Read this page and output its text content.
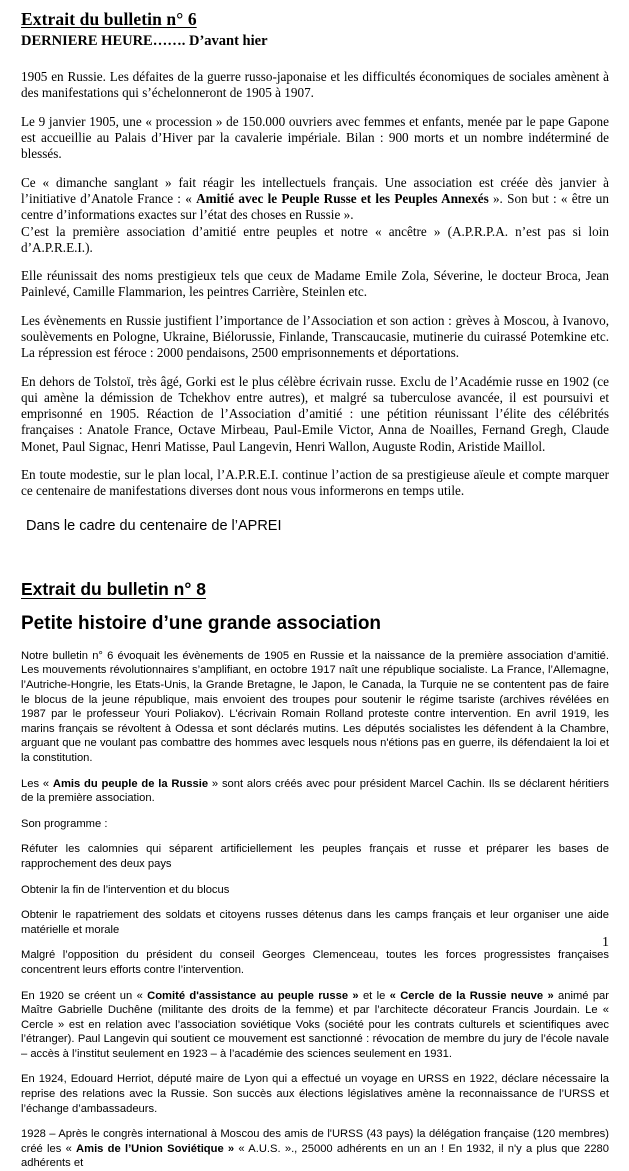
Extrait du bulletin n° 6
DERNIERE HEURE……. D’avant hier

1905 en Russie. Les défaites de la guerre russo-japonaise et les difficultés économiques de sociales amènent à des manifestations qui s’échelonneront de 1905 à 1907.

Le 9 janvier 1905, une « procession » de 150.000 ouvriers avec femmes et enfants, menée par le pape Gapone est accueillie au Palais d’Hiver par la cavalerie impériale. Bilan : 900 morts et un nombre indéterminé de blessés.

Ce « dimanche sanglant » fait réagir les intellectuels français. Une association est créée dès janvier à l’initiative d’Anatole France : « Amitié avec le Peuple Russe et les Peuples Annexés ». Son but : « être un centre d’informations exactes sur l’état des choses en Russie ».

C’est la première association d’amitié entre peuples et notre « ancêtre » (A.P.R.P.A. n’est pas si loin d’A.P.R.E.I.).

Elle réunissait des noms prestigieux tels que ceux de Madame Emile Zola, Séverine, le docteur Broca, Jean Painlevé, Camille Flammarion, les peintres Carrière, Steinlen etc.

Les évènements en Russie justifient l’importance de l’Association et son action : grèves à Moscou, à Ivanovo, soulèvements en Pologne, Ukraine, Biélorussie, Finlande, Transcaucasie, mutinerie du cuirassé Potemkine etc. La répression est féroce : 2000 pendaisons, 2500 emprisonnements et déportations.

En dehors de Tolstoï, très âgé, Gorki est le plus célèbre écrivain russe. Exclu de l’Académie russe en 1902 (ce qui amène la démission de Tchekhov entre autres), et malgré sa tuberculose avancée, il est poursuivi et emprisonné en 1905. Réaction de l’Association d’amitié : une pétition réunissant l’élite des célébrités françaises : Anatole France, Octave Mirbeau, Paul-Emile Victor, Anna de Noailles, Fernand Gregh, Claude Monet, Paul Signac, Henri Matisse, Paul Langevin, Henri Wallon, Auguste Rodin, Aristide Maillol.

En toute modestie, sur le plan local, l’A.P.R.E.I. continue l’action de sa prestigieuse aïeule et compte marquer ce centenaire de manifestations diverses dont nous vous informerons en temps utile.

Dans le cadre du centenaire de l’APREI

Extrait du bulletin n° 8
Petite histoire d’une grande association

Notre bulletin n° 6 évoquait les évènements de 1905 en Russie et la naissance de la première association d’amitié. Les mouvements révolutionnaires s’amplifiant, en octobre 1917 naît une république socialiste. La France, l’Allemagne, l’Autriche-Hongrie, les Etats-Unis, la Grande Bretagne, le Japon, le Canada, la Turquie ne se contentent pas de faire le blocus de la jeune république, mais envoient des troupes pour soutenir le régime tsariste (archives révélées en 1987 par le professeur Youri Poliakov). L'écrivain Romain Rolland proteste contre intervention. En avril 1919, les marins français se révoltent à Odessa et sont déclarés mutins. Les députés socialistes les défendent à la Chambre, arguant que ne voulant pas combattre des hommes avec lesquels nous n'étions pas en guerre, ils défendaient la loi et la constitution.

Les « Amis du peuple de la Russie » sont alors créés avec pour président Marcel Cachin. Ils se déclarent héritiers de la première association.

Son programme :

Réfuter les calomnies qui séparent artificiellement les peuples français et russe et préparer les bases de rapprochement des deux pays

Obtenir la fin de l’intervention et du blocus

Obtenir le rapatriement des soldats et citoyens russes détenus dans les camps français et leur organiser une aide matérielle et morale

Malgré l’opposition du président du conseil Georges Clemenceau, toutes les forces progressistes françaises concentrent leurs efforts contre l’intervention.

En 1920 se créent un « Comité d'assistance au peuple russe » et le « Cercle de la Russie neuve » animé par Maître Gabrielle Duchêne (militante des droits de la femme) et par l’architecte décorateur Francis Jourdain. Le « Cercle » est en relation avec l’association soviétique Voks (société pour les contrats culturels et scientifiques avec l’étranger). Paul Langevin qui soutient ce mouvement est sanctionné : révocation de membre du jury de l’école navale – accès à l’institut seulement en 1923 – à l’académie des sciences seulement en 1931.

En 1924, Edouard Herriot, député maire de Lyon qui a effectué un voyage en URSS en 1922, déclare nécessaire la reprise des relations avec la Russie. Son succès aux élections législatives amène la reconnaissance de l’URSS et l’échange d’ambassadeurs.

1928 – Après le congrès international à Moscou des amis de l'URSS (43 pays) la délégation française (120 membres) créé les « Amis de l’Union Soviétique » « A.U.S. »., 25000 adhérents en un an ! En 1932, il n'y a plus que 2280 adhérents et

1
